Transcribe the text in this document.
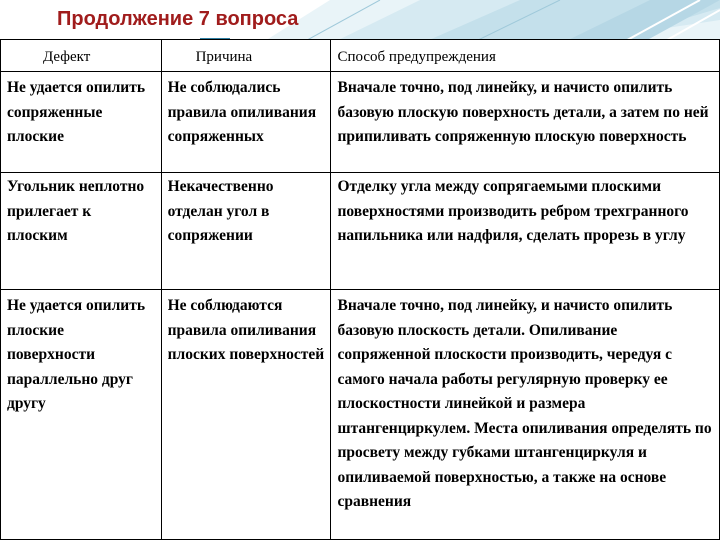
Продолжение 7 вопроса
Дефект	Причина	Способ предупреждения

Не удается опилить сопряженные плоские	Не соблюдались правила опиливания сопряженных	Вначале точно, под линейку, и начисто опилить базовую плоскую поверхность детали, а затем по ней припиливать сопряженную плоскую поверхность

Угольник неплотно прилегает к плоским	Некачественно отделан угол в сопряжении	Отделку угла между сопрягаемыми плоскими поверхностями производить ребром трехгранного напильника или надфиля, сделать прорезь в углу

Не удается опилить плоские поверхности параллельно друг другу	Не соблюдаются правила опиливания плоских поверхностей	Вначале точно, под линейку, и начисто опилить базовую плоскость детали. Опиливание сопряженной плоскости производить, чередуя с самого начала работы регулярную проверку ее плоскостности линейкой и размера штангенциркулем. Места опиливания определять по просвету между губками штангенциркуля и опиливаемой поверхностью, а также на основе сравнения
